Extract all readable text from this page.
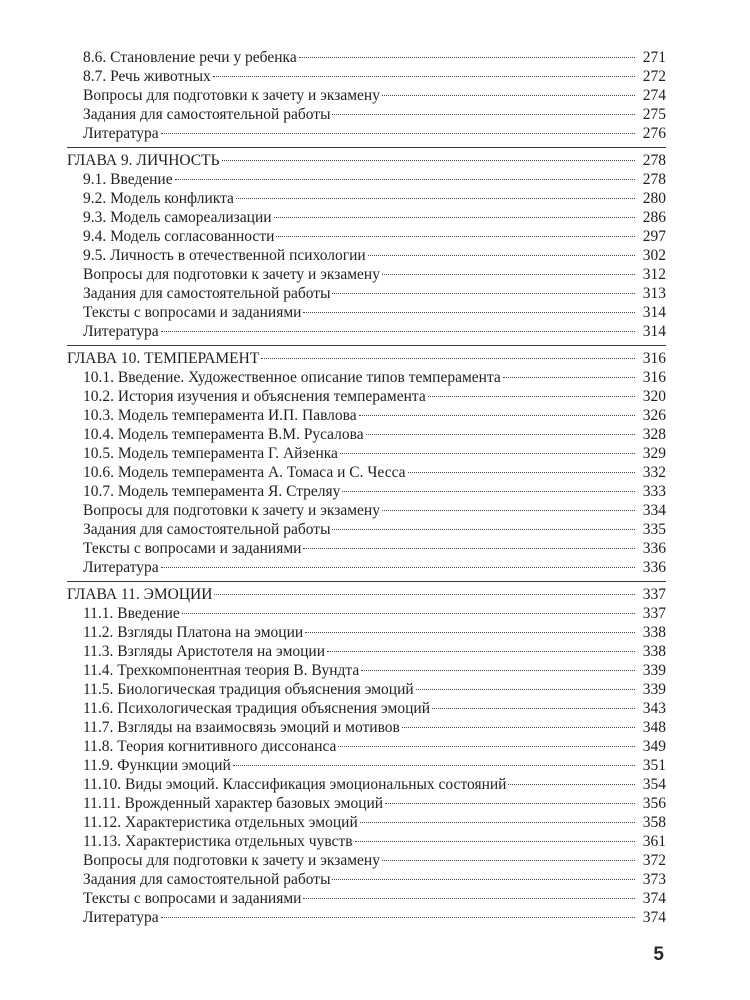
8.6. Становление речи у ребенка	271
8.7. Речь животных	272
Вопросы для подготовки к зачету и экзамену	274
Задания для самостоятельной работы	275
Литература	276
ГЛАВА 9. ЛИЧНОСТЬ	278
9.1. Введение	278
9.2. Модель конфликта	280
9.3. Модель самореализации	286
9.4. Модель согласованности	297
9.5. Личность в отечественной психологии	302
Вопросы для подготовки к зачету и экзамену	312
Задания для самостоятельной работы	313
Тексты с вопросами и заданиями	314
Литература	314
ГЛАВА 10. ТЕМПЕРАМЕНТ	316
10.1. Введение. Художественное описание типов темперамента	316
10.2. История изучения и объяснения темперамента	320
10.3. Модель темперамента И.П. Павлова	326
10.4. Модель темперамента В.М. Русалова	328
10.5. Модель темперамента Г. Айзенка	329
10.6. Модель темперамента А. Томаса и С. Чесса	332
10.7. Модель темперамента Я. Стреляу	333
Вопросы для подготовки к зачету и экзамену	334
Задания для самостоятельной работы	335
Тексты с вопросами и заданиями	336
Литература	336
ГЛАВА 11. ЭМОЦИИ	337
11.1. Введение	337
11.2. Взгляды Платона на эмоции	338
11.3. Взгляды Аристотеля на эмоции	338
11.4. Трехкомпонентная теория В. Вундта	339
11.5. Биологическая традиция объяснения эмоций	339
11.6. Психологическая традиция объяснения эмоций	343
11.7. Взгляды на взаимосвязь эмоций и мотивов	348
11.8. Теория когнитивного диссонанса	349
11.9. Функции эмоций	351
11.10. Виды эмоций. Классификация эмоциональных состояний	354
11.11. Врожденный характер базовых эмоций	356
11.12. Характеристика отдельных эмоций	358
11.13. Характеристика отдельных чувств	361
Вопросы для подготовки к зачету и экзамену	372
Задания для самостоятельной работы	373
Тексты с вопросами и заданиями	374
Литература	374
5
